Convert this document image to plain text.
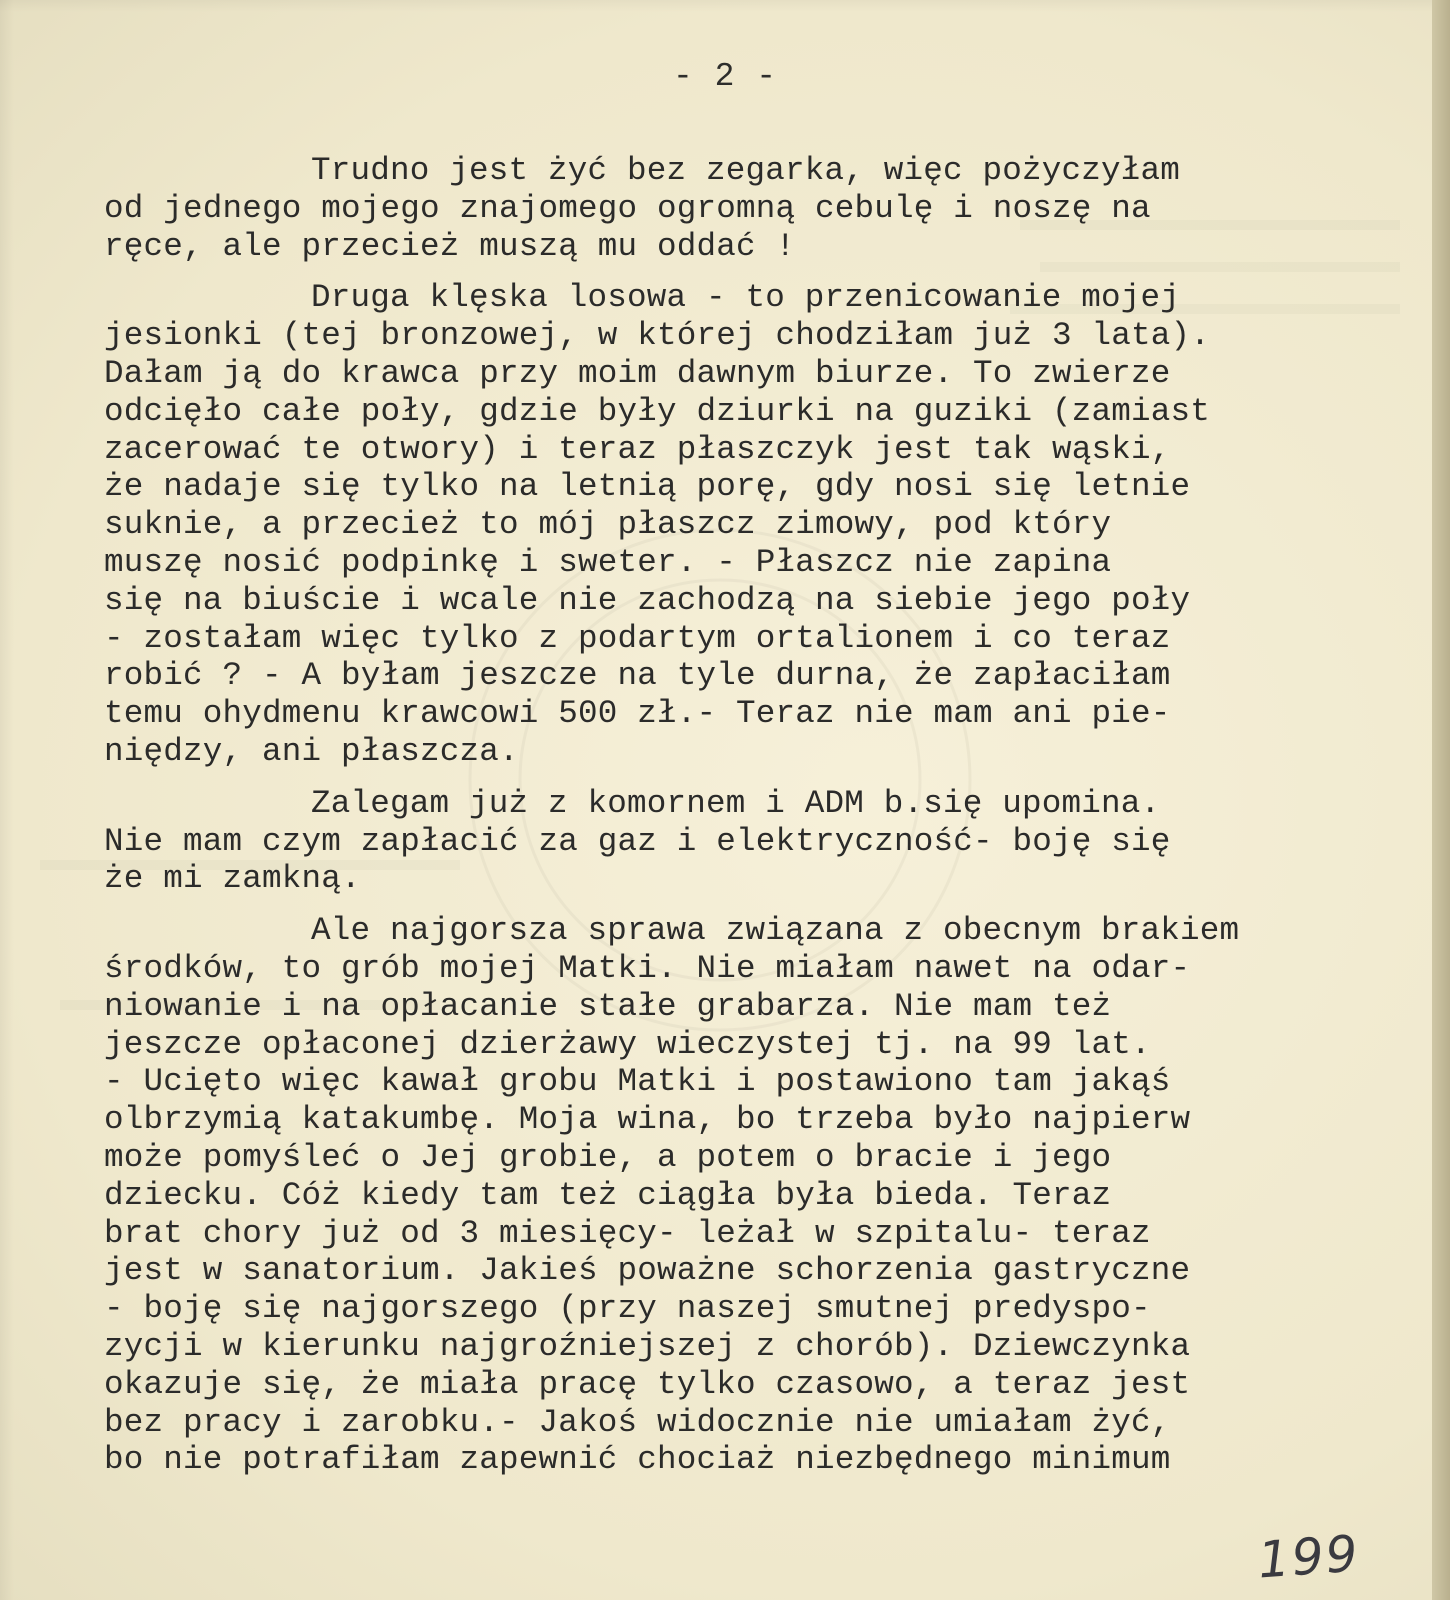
- 2 -
Trudno jest żyć bez zegarka, więc pożyczyłam
od jednego mojego znajomego ogromną cebulę i noszę na
ręce, ale przecież muszą mu oddać !
Druga klęska losowa - to przenicowanie mojej
jesionki (tej bronzowej, w której chodziłam już 3 lata).
Dałam ją do krawca przy moim dawnym biurze. To zwierze
odcięło całe poły, gdzie były dziurki na guziki (zamiast
zacerować te otwory) i teraz płaszczyk jest tak wąski,
że nadaje się tylko na letnią porę, gdy nosi się letnie
suknie, a przecież to mój płaszcz zimowy, pod który
muszę nosić podpinkę i sweter. - Płaszcz nie zapina
się na biuście i wcale nie zachodzą na siebie jego poły
- zostałam więc tylko z podartym ortalionem i co teraz
robić ? - A byłam jeszcze na tyle durna, że zapłaciłam
temu ohydmenu krawcowi 500 zł.- Teraz nie mam ani pie-
niędzy, ani płaszcza.
Zalegam już z komornem i ADM b.się upomina.
Nie mam czym zapłacić za gaz i elektryczność- boję się
że mi zamkną.
Ale najgorsza sprawa związana z obecnym brakiem
środków, to grób mojej Matki. Nie miałam nawet na odar-
niowanie i na opłacanie stałe grabarza. Nie mam też
jeszcze opłaconej dzierżawy wieczystej tj. na 99 lat.
- Ucięto więc kawał grobu Matki i postawiono tam jakąś
olbrzymią katakumbę. Moja wina, bo trzeba było najpierw
może pomyśleć o Jej grobie, a potem o bracie i jego
dziecku. Cóż kiedy tam też ciągła była bieda. Teraz
brat chory już od 3 miesięcy- leżał w szpitalu- teraz
jest w sanatorium. Jakieś poważne schorzenia gastryczne
- boję się najgorszego (przy naszej smutnej predyspo-
zycji w kierunku najgroźniejszej z chorób). Dziewczynka
okazuje się, że miała pracę tylko czasowo, a teraz jest
bez pracy i zarobku.- Jakoś widocznie nie umiałam żyć,
bo nie potrafiłam zapewnić chociaż niezbędnego minimum
199
